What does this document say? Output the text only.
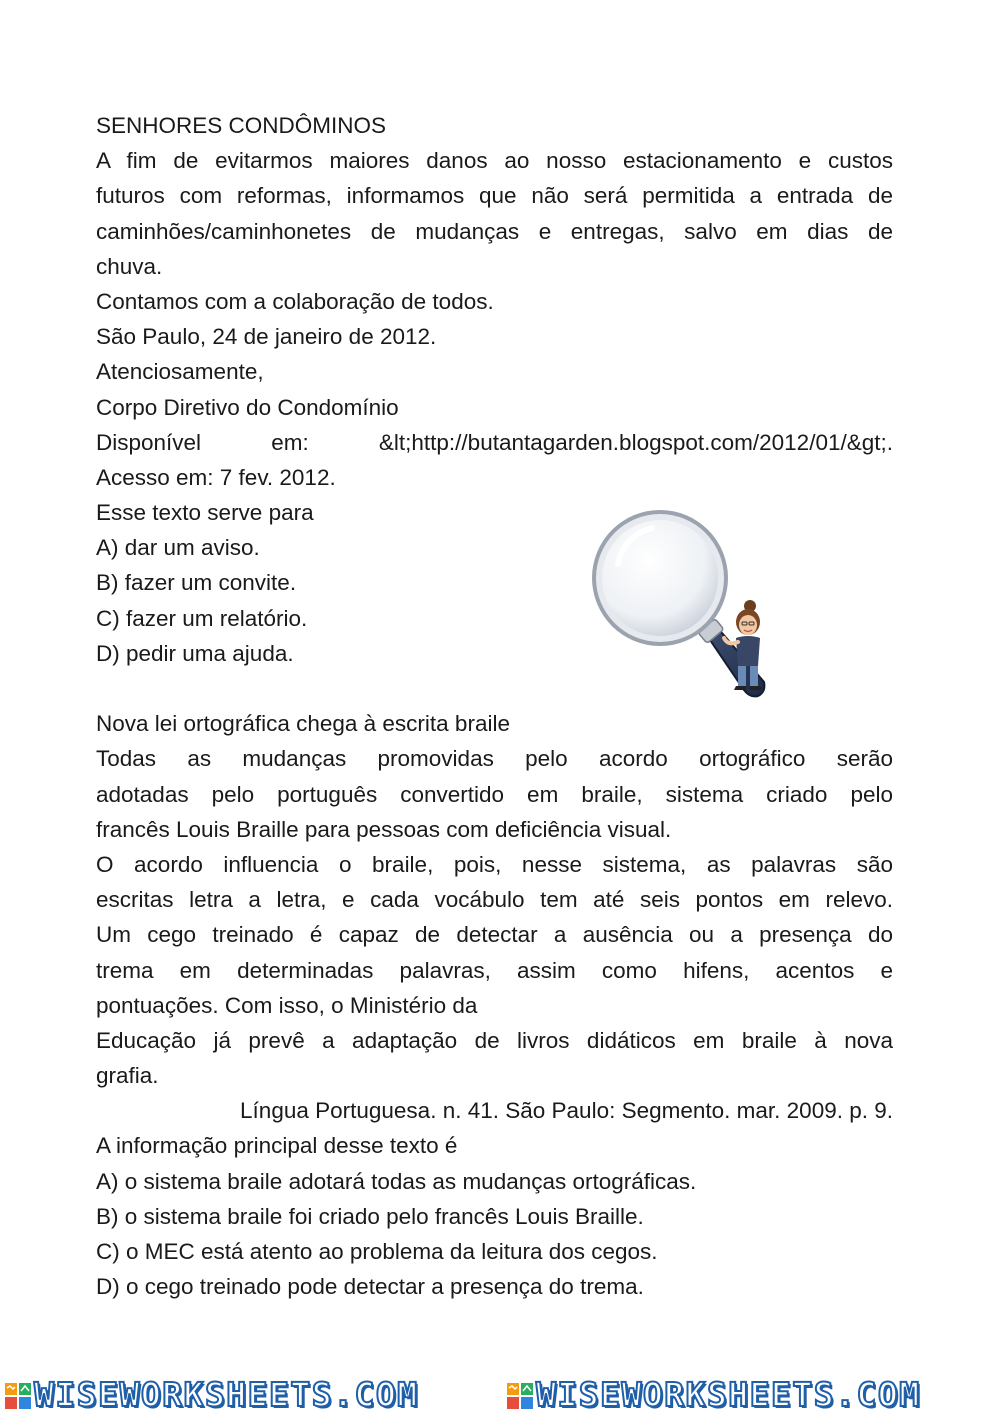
SENHORES CONDÔMINOS
A fim de evitarmos maiores danos ao nosso estacionamento e custos
futuros com reformas, informamos que não será permitida a entrada de
caminhões/caminhonetes de mudanças e entregas, salvo em dias de
chuva.
Contamos com a colaboração de todos.
São Paulo, 24 de janeiro de 2012.
Atenciosamente,
Corpo Diretivo do Condomínio
Disponível em: &lt;http://butantagarden.blogspot.com/2012/01/&gt;.
Acesso em: 7 fev. 2012.
Esse texto serve para
A) dar um aviso.
B) fazer um convite.
C) fazer um relatório.
D) pedir uma ajuda.
Nova lei ortográfica chega à escrita braile
Todas as mudanças promovidas pelo acordo ortográfico serão
adotadas pelo português convertido em braile, sistema criado pelo
francês Louis Braille para pessoas com deficiência visual.
O acordo influencia o braile, pois, nesse sistema, as palavras são
escritas letra a letra, e cada vocábulo tem até seis pontos em relevo.
Um cego treinado é capaz de detectar a ausência ou a presença do
trema em determinadas palavras, assim como hifens, acentos e
pontuações. Com isso, o Ministério da
Educação já prevê a adaptação de livros didáticos em braile à nova
grafia.
Língua Portuguesa. n. 41. São Paulo: Segmento. mar. 2009. p. 9.
A informação principal desse texto é
A) o sistema braile adotará todas as mudanças ortográficas.
B) o sistema braile foi criado pelo francês Louis Braille.
C) o MEC está atento ao problema da leitura dos cegos.
D) o cego treinado pode detectar a presença do trema.
WISEWORKSHEETS.COM	WISEWORKSHEETS.COM
